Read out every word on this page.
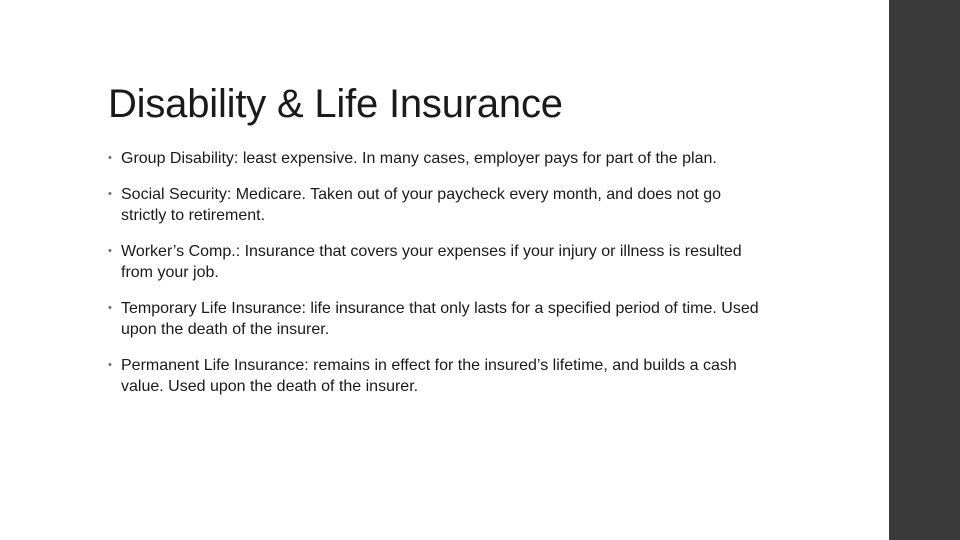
Disability & Life Insurance
• Group Disability: least expensive. In many cases, employer pays for part of the plan.
• Social Security: Medicare. Taken out of your paycheck every month, and does not go strictly to retirement.
• Worker’s Comp.: Insurance that covers your expenses if your injury or illness is resulted from your job.
• Temporary Life Insurance: life insurance that only lasts for a specified period of time. Used upon the death of the insurer.
• Permanent Life Insurance: remains in effect for the insured’s lifetime, and builds a cash value. Used upon the death of the insurer.
